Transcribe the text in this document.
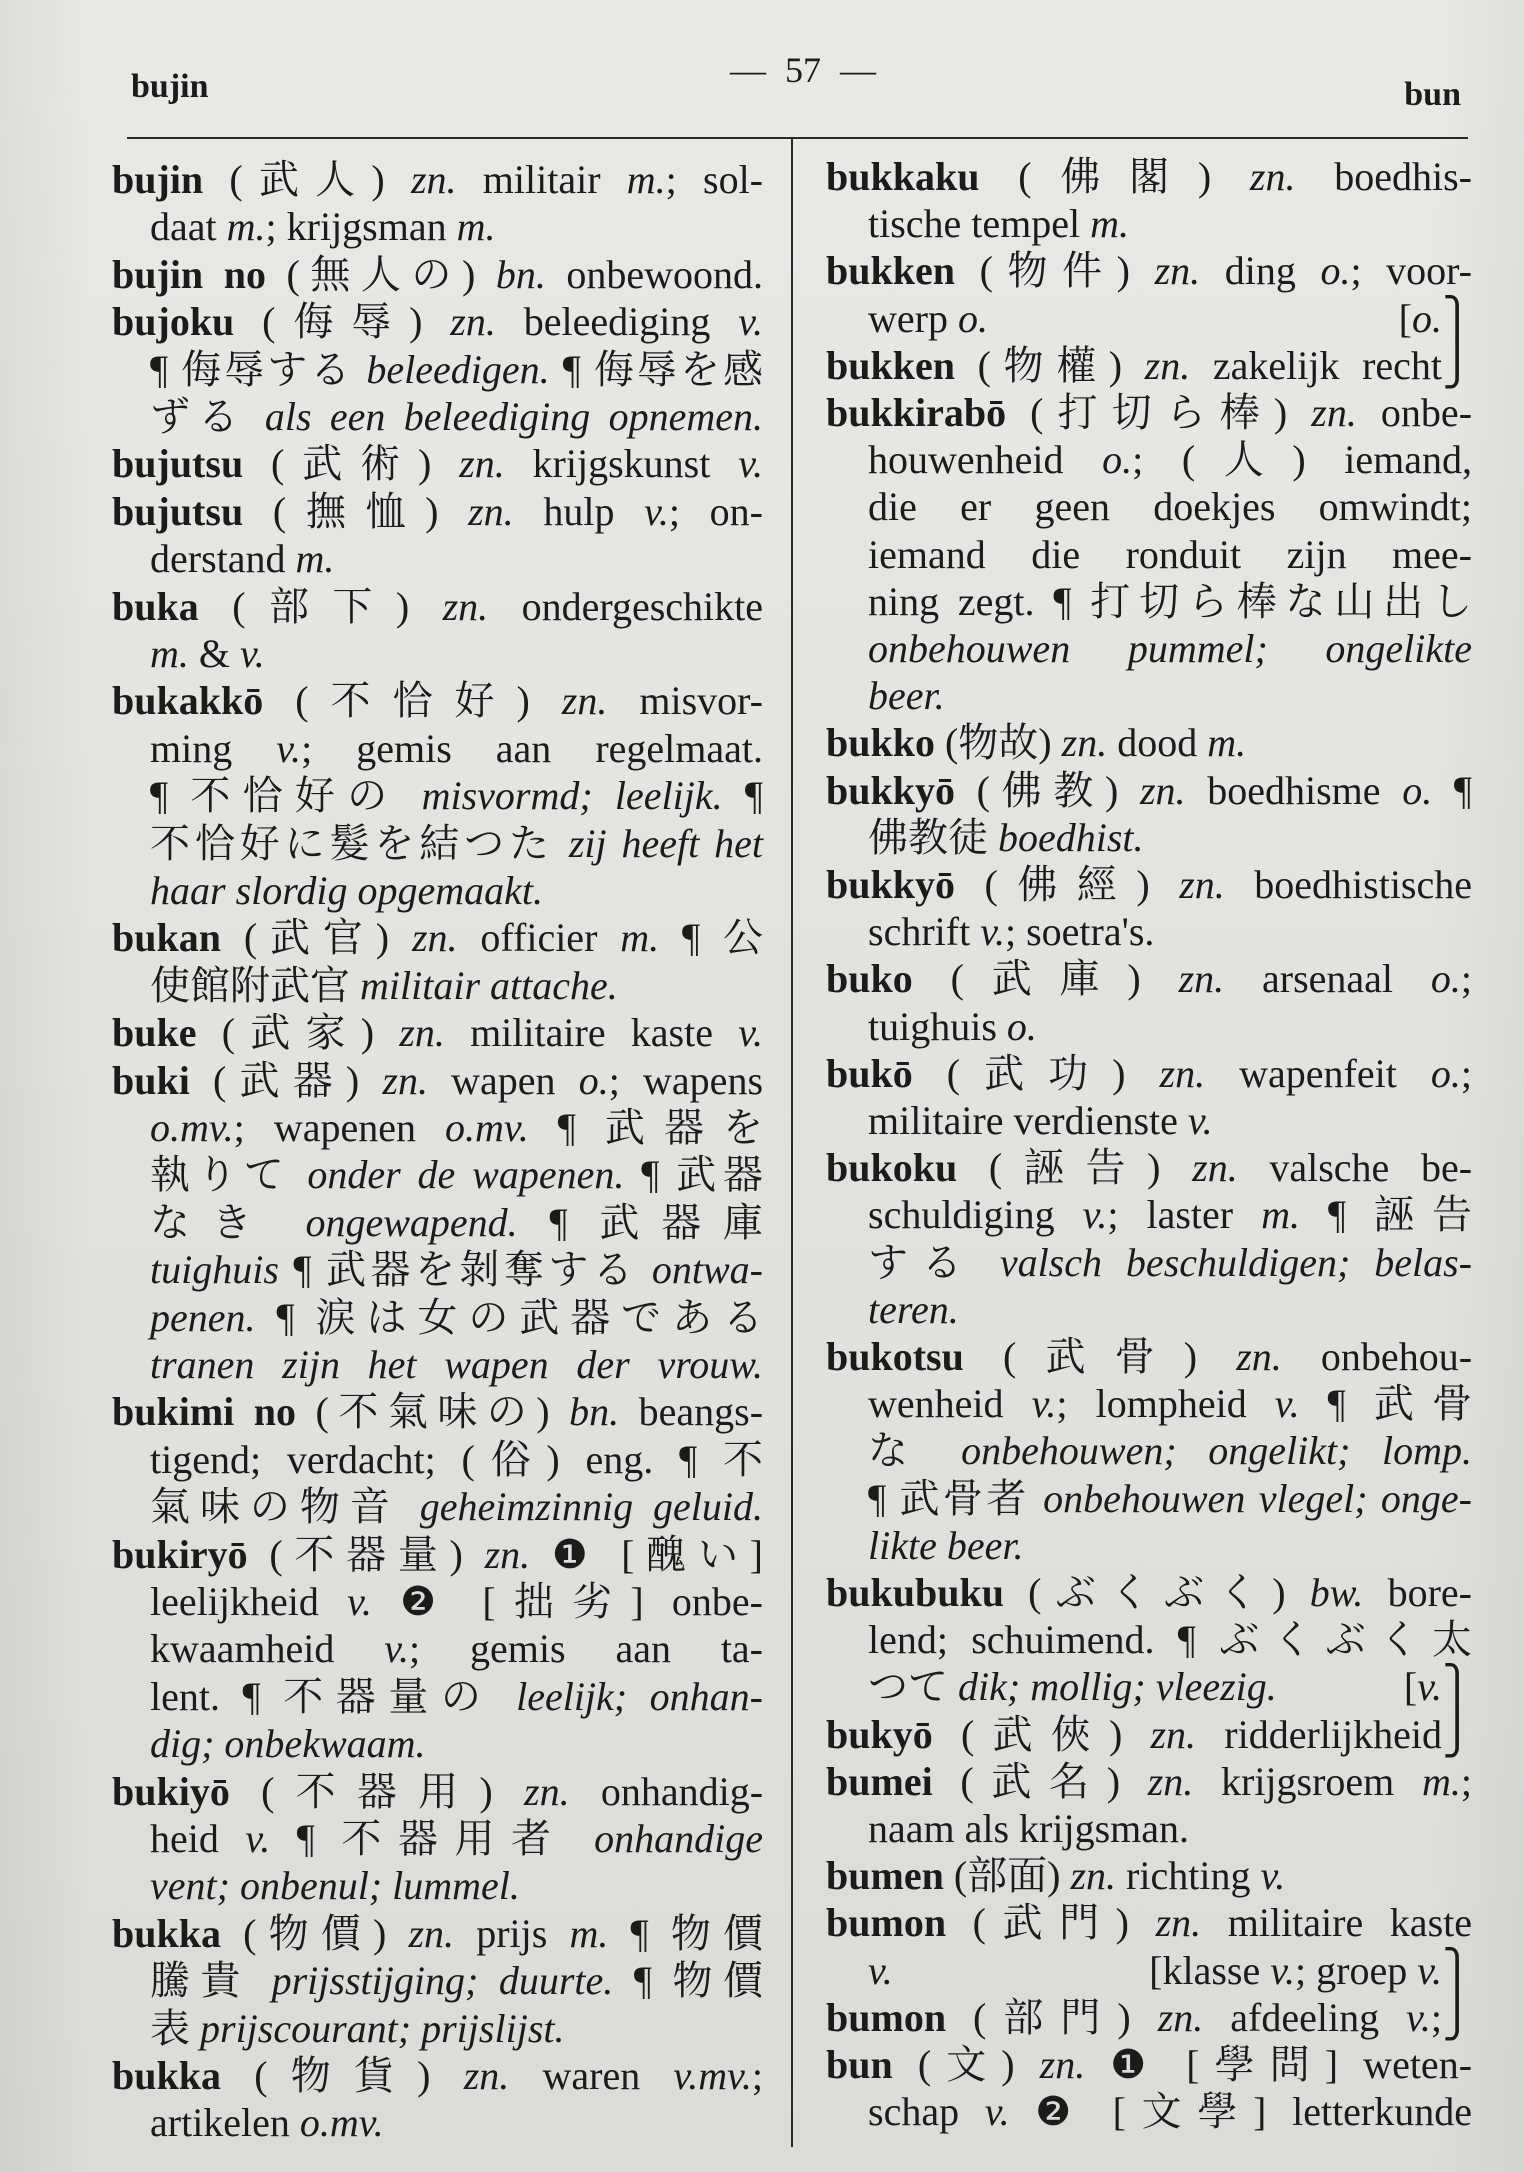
bujin	— 57 —
bun
bujin (武人) zn. militair m.; sol-
daat m.; krijgsman m.
bujin no (無人の) bn. onbewoond.
bujoku (侮辱) zn. beleediging v.
¶ 侮辱する beleedigen. ¶ 侮辱を感
ずる als een beleediging opnemen.
bujutsu (武術) zn. krijgskunst v.
bujutsu (撫恤) zn. hulp v.; on-
derstand m.
buka (部下) zn. ondergeschikte
m. & v.
bukakkō (不恰好) zn. misvor-
ming v.; gemis aan regelmaat.
¶ 不恰好の misvormd; leelijk. ¶
不恰好に髮を結つた zij heeft het
haar slordig opgemaakt.
bukan (武官) zn. officier m. ¶ 公
使館附武官 militair attache.
buke (武家) zn. militaire kaste v.
buki (武器) zn. wapen o.; wapens
o.mv.; wapenen o.mv. ¶ 武器を
執りて onder de wapenen. ¶ 武器
なき ongewapend. ¶ 武器庫
tuighuis ¶ 武器を剝奪する ontwa-
penen. ¶ 涙は女の武器である
tranen zijn het wapen der vrouw.
bukimi no (不氣味の) bn. beangs-
tigend; verdacht; (俗) eng. ¶ 不
氣味の物音 geheimzinnig geluid.
bukiryō (不器量) zn. ❶ [醜い]
leelijkheid v. ❷ [拙劣] onbe-
kwaamheid v.; gemis aan ta-
lent. ¶ 不器量の leelijk; onhan-
dig; onbekwaam.
bukiyō (不器用) zn. onhandig-
heid v. ¶ 不器用者 onhandige
vent; onbenul; lummel.
bukka (物價) zn. prijs m. ¶ 物價
騰貴 prijsstijging; duurte. ¶ 物價
表 prijscourant; prijslijst.
bukka (物貨) zn. waren v.mv.;
artikelen o.mv.
bukkaku (佛閣) zn. boedhis-
tische tempel m.
bukken (物件) zn. ding o.; voor-
werp o.	[o.⎫
bukken (物權) zn. zakelijk recht⎭
bukkirabō (打切ら棒) zn. onbe-
houwenheid o.; (人) iemand,
die er geen doekjes omwindt;
iemand die ronduit zijn mee-
ning zegt. ¶ 打切ら棒な山出し
onbehouwen pummel; ongelikte
beer.
bukko (物故) zn. dood m.
bukkyō (佛教) zn. boedhisme o. ¶
佛教徒 boedhist.
bukkyō (佛經) zn. boedhistische
schrift v.; soetra's.
buko (武庫) zn. arsenaal o.;
tuighuis o.
bukō (武功) zn. wapenfeit o.;
militaire verdienste v.
bukoku (誣告) zn. valsche be-
schuldiging v.; laster m. ¶ 誣告
する valsch beschuldigen; belas-
teren.
bukotsu (武骨) zn. onbehou-
wenheid v.; lompheid v. ¶ 武骨
な onbehouwen; ongelikt; lomp.
¶ 武骨者 onbehouwen vlegel; onge-
likte beer.
bukubuku (ぶくぶく) bw. bore-
lend; schuimend. ¶ ぶくぶく太
つて dik; mollig; vleezig.	[v.⎫
bukyō (武俠) zn. ridderlijkheid⎭
bumei (武名) zn. krijgsroem m.;
naam als krijgsman.
bumen (部面) zn. richting v.
bumon (武門) zn. militaire kaste
v.	[klasse v.; groep v.⎫
bumon (部門) zn. afdeeling v.;⎭
bun (文) zn. ❶ [學問] weten-
schap v. ❷ [文學] letterkunde
